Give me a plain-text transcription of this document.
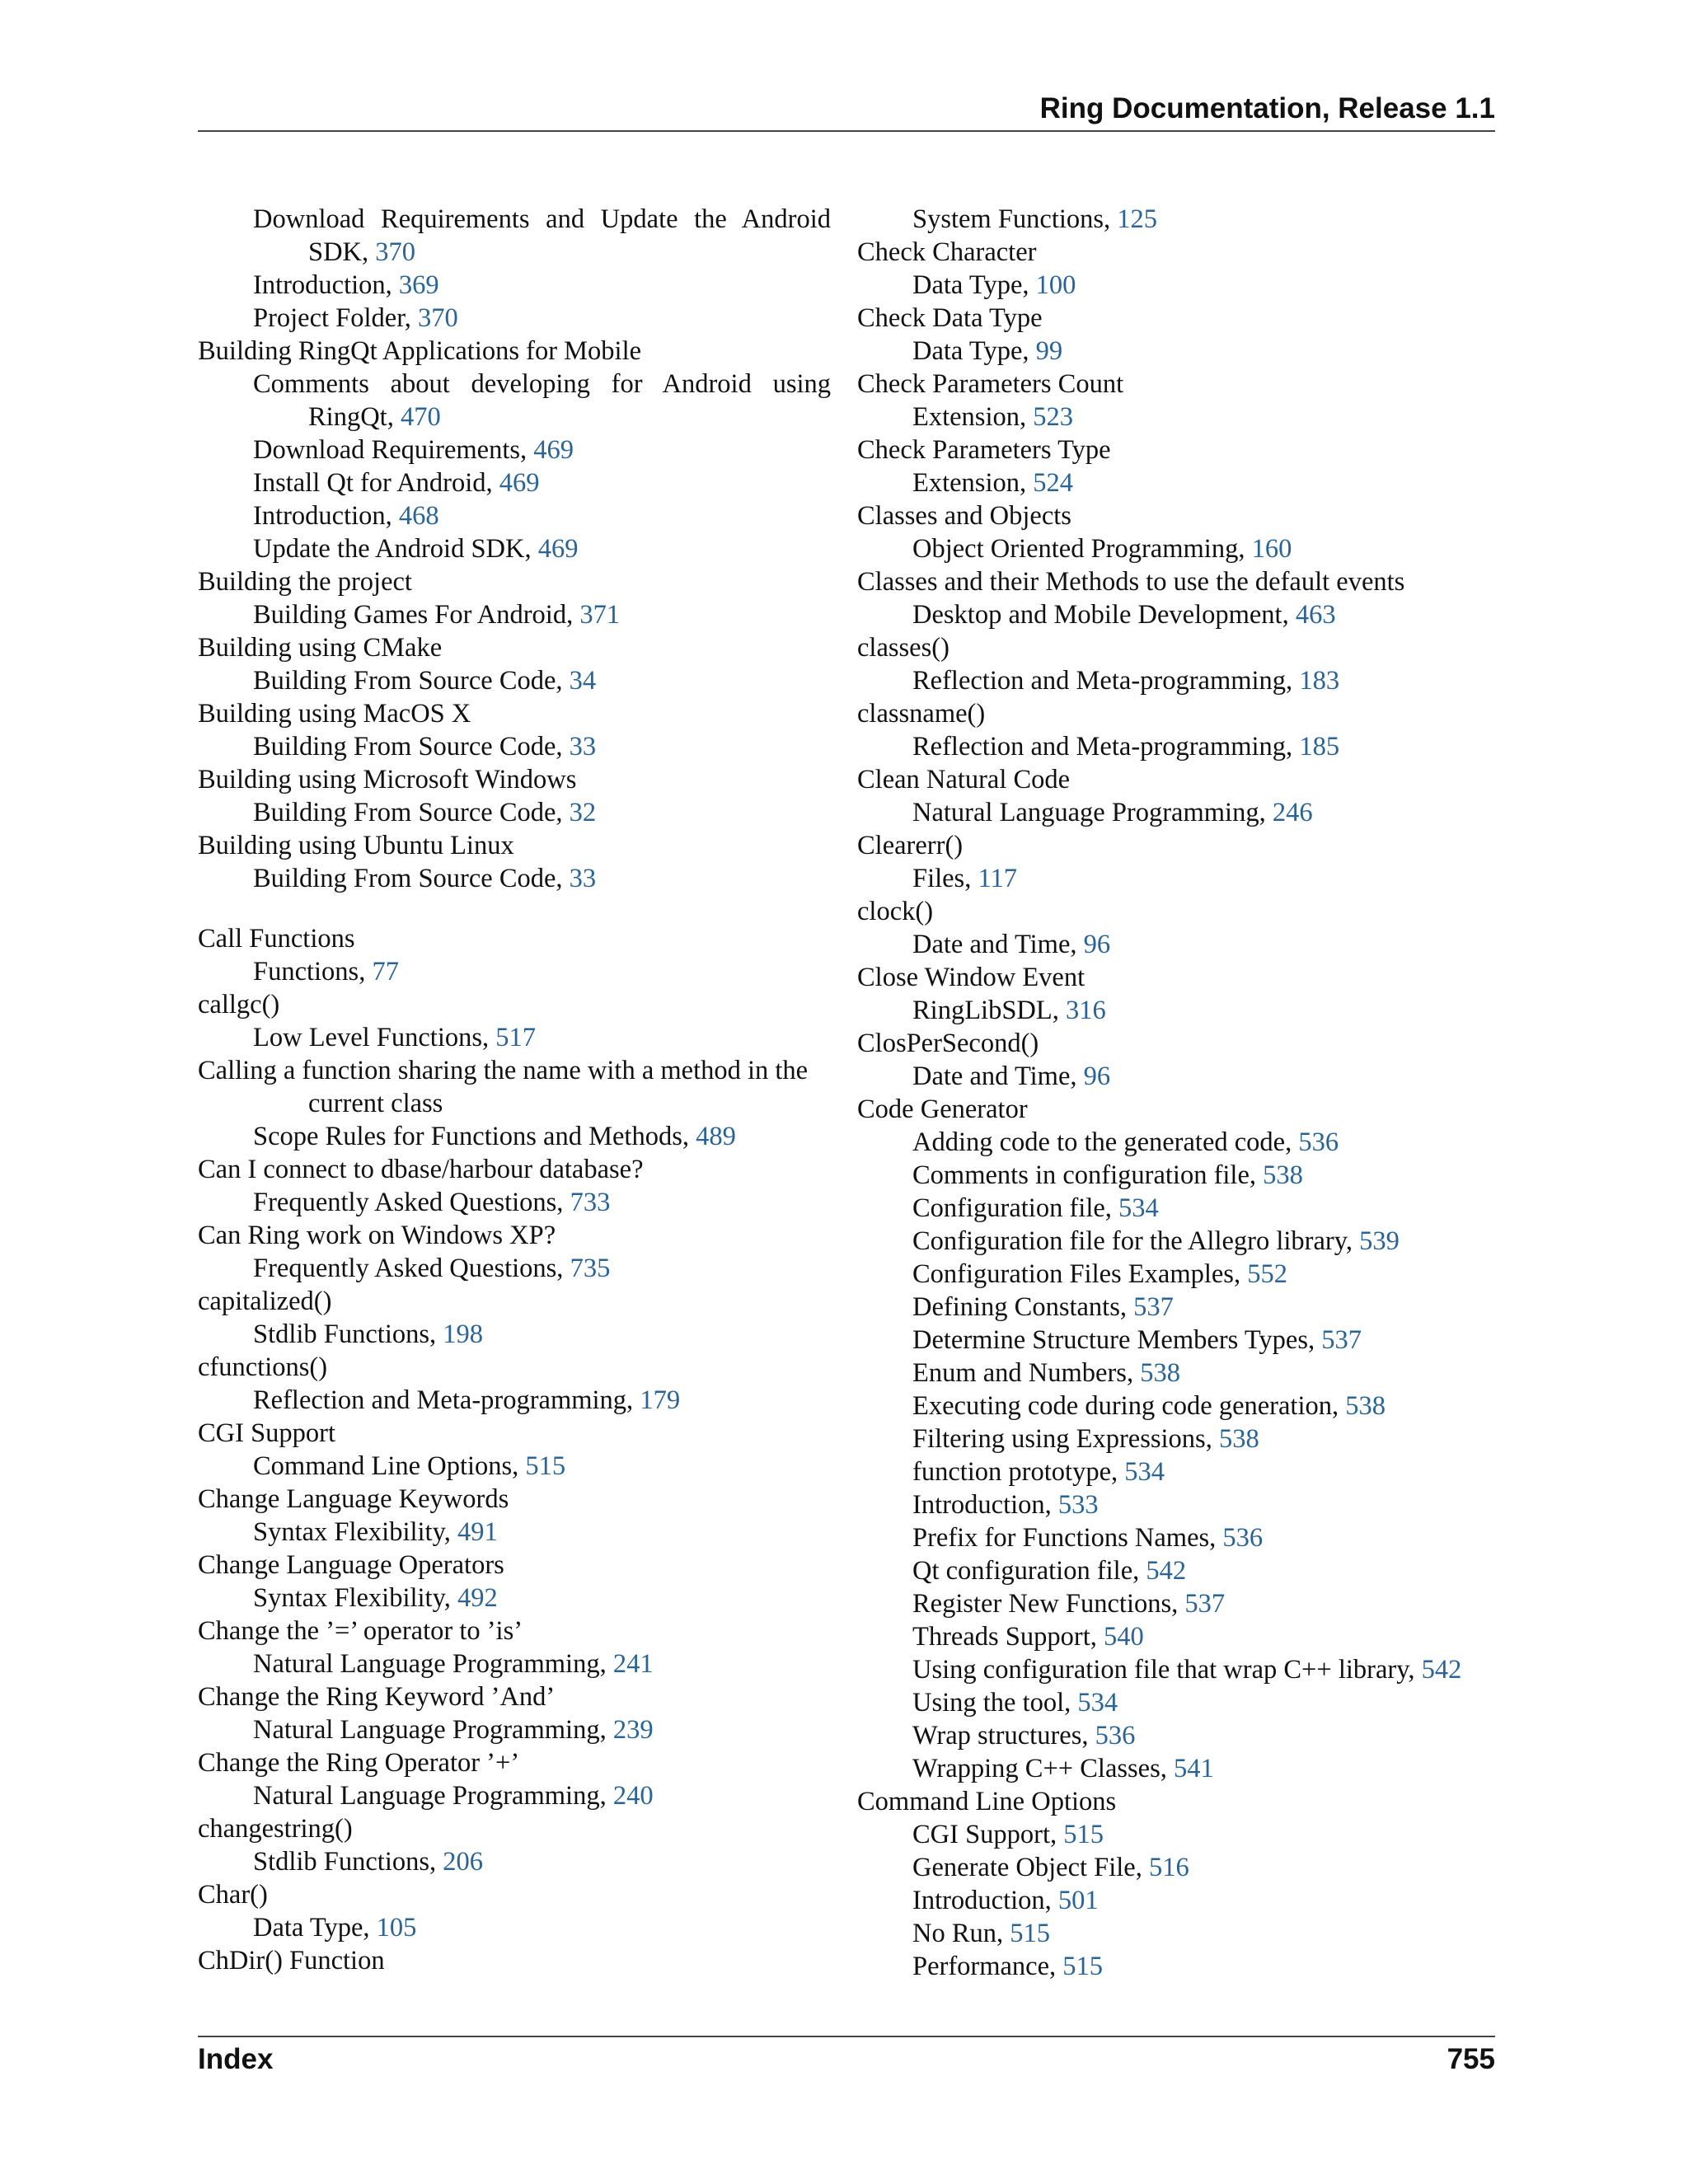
Ring Documentation, Release 1.1
Download Requirements and Update the Android
SDK, 370
Introduction, 369
Project Folder, 370
Building RingQt Applications for Mobile
Comments about developing for Android using
RingQt, 470
Download Requirements, 469
Install Qt for Android, 469
Introduction, 468
Update the Android SDK, 469
Building the project
Building Games For Android, 371
Building using CMake
Building From Source Code, 34
Building using MacOS X
Building From Source Code, 33
Building using Microsoft Windows
Building From Source Code, 32
Building using Ubuntu Linux
Building From Source Code, 33
Call Functions
Functions, 77
callgc()
Low Level Functions, 517
Calling a function sharing the name with a method in the
current class
Scope Rules for Functions and Methods, 489
Can I connect to dbase/harbour database?
Frequently Asked Questions, 733
Can Ring work on Windows XP?
Frequently Asked Questions, 735
capitalized()
Stdlib Functions, 198
cfunctions()
Reflection and Meta-programming, 179
CGI Support
Command Line Options, 515
Change Language Keywords
Syntax Flexibility, 491
Change Language Operators
Syntax Flexibility, 492
Change the ’=’ operator to ’is’
Natural Language Programming, 241
Change the Ring Keyword ’And’
Natural Language Programming, 239
Change the Ring Operator ’+’
Natural Language Programming, 240
changestring()
Stdlib Functions, 206
Char()
Data Type, 105
ChDir() Function
System Functions, 125
Check Character
Data Type, 100
Check Data Type
Data Type, 99
Check Parameters Count
Extension, 523
Check Parameters Type
Extension, 524
Classes and Objects
Object Oriented Programming, 160
Classes and their Methods to use the default events
Desktop and Mobile Development, 463
classes()
Reflection and Meta-programming, 183
classname()
Reflection and Meta-programming, 185
Clean Natural Code
Natural Language Programming, 246
Clearerr()
Files, 117
clock()
Date and Time, 96
Close Window Event
RingLibSDL, 316
ClosPerSecond()
Date and Time, 96
Code Generator
Adding code to the generated code, 536
Comments in configuration file, 538
Configuration file, 534
Configuration file for the Allegro library, 539
Configuration Files Examples, 552
Defining Constants, 537
Determine Structure Members Types, 537
Enum and Numbers, 538
Executing code during code generation, 538
Filtering using Expressions, 538
function prototype, 534
Introduction, 533
Prefix for Functions Names, 536
Qt configuration file, 542
Register New Functions, 537
Threads Support, 540
Using configuration file that wrap C++ library, 542
Using the tool, 534
Wrap structures, 536
Wrapping C++ Classes, 541
Command Line Options
CGI Support, 515
Generate Object File, 516
Introduction, 501
No Run, 515
Performance, 515
Index	755
